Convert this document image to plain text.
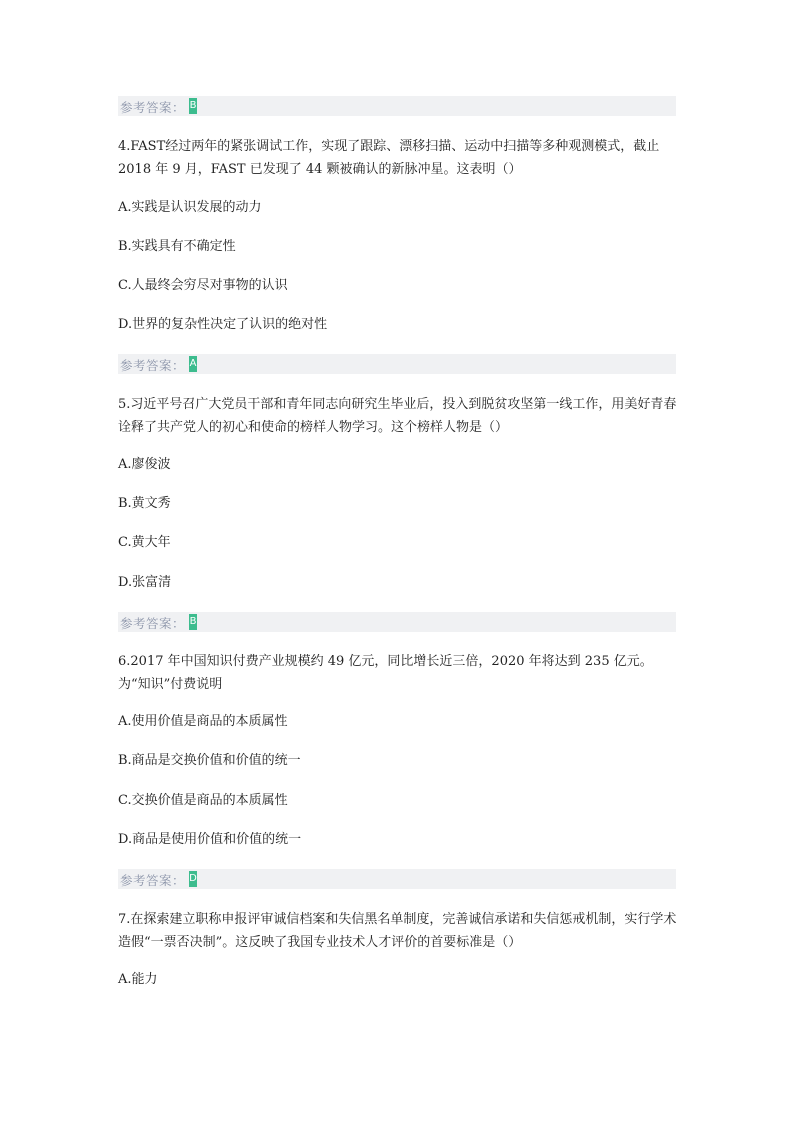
参考答案： B
4.FAST经过两年的紧张调试工作，实现了跟踪、漂移扫描、运动中扫描等多种观测模式，截止 2018 年 9 月，FAST 已发现了 44 颗被确认的新脉冲星。这表明（）
A.实践是认识发展的动力
B.实践具有不确定性
C.人最终会穷尽对事物的认识
D.世界的复杂性决定了认识的绝对性
参考答案： A
5.习近平号召广大党员干部和青年同志向研究生毕业后，投入到脱贫攻坚第一线工作，用美好青春诠释了共产党人的初心和使命的榜样人物学习。这个榜样人物是（）
A.廖俊波
B.黄文秀
C.黄大年
D.张富清
参考答案： B
6.2017 年中国知识付费产业规模约 49 亿元，同比增长近三倍，2020 年将达到 235 亿元。为“知识”付费说明
A.使用价值是商品的本质属性
B.商品是交换价值和价值的统一
C.交换价值是商品的本质属性
D.商品是使用价值和价值的统一
参考答案： D
7.在探索建立职称申报评审诚信档案和失信黑名单制度，完善诚信承诺和失信惩戒机制，实行学术造假“一票否决制”。这反映了我国专业技术人才评价的首要标准是（）
A.能力
